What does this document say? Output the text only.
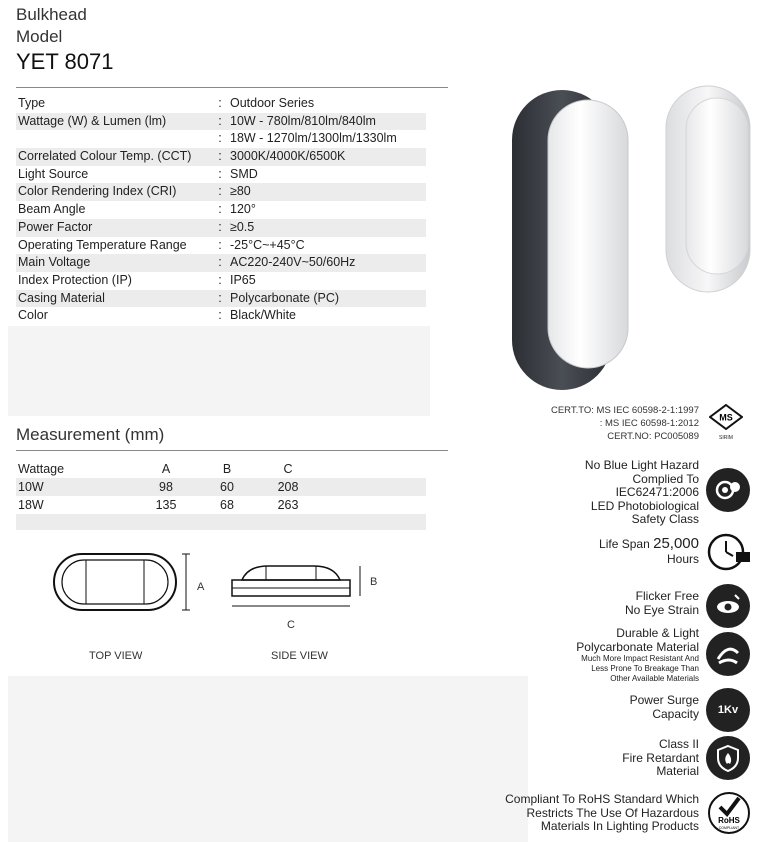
Bulkhead
Model
YET 8071
Type	: Outdoor Series
Wattage (W) & Lumen (lm)	: 10W - 780lm/810lm/840lm
: 18W - 1270lm/1300lm/1330lm
Correlated Colour Temp. (CCT)	: 3000K/4000K/6500K
Light Source	: SMD
Color Rendering Index (CRI)	: ≥80
Beam Angle	: 120°
Power Factor	: ≥0.5
Operating Temperature Range	: -25°C~+45°C
Main Voltage	: AC220-240V~50/60Hz
Index Protection (IP)	: IP65
Casing Material	: Polycarbonate (PC)
Color	: Black/White
Measurement (mm)
Wattage	A	B	C
10W	98	60	208
18W	135	68	263
A
TOP VIEW
B
C
SIDE VIEW
CERT.TO: MS IEC 60598-2-1:1997
: MS IEC 60598-1:2012
CERT.NO: PC005089
MS
SIRIM
No Blue Light Hazard
Complied To
IEC62471:2006
LED Photobiological
Safety Class
Life Span 25,000
Hours
Flicker Free
No Eye Strain
Durable & Light
Polycarbonate Material
Much More Impact Resistant And
Less Prone To Breakage Than
Other Available Materials
Power Surge
Capacity	1Kv
Class II
Fire Retardant
Material
Compliant To RoHS Standard Which
Restricts The Use Of Hazardous
Materials In Lighting Products RoHS
COMPLIANT
